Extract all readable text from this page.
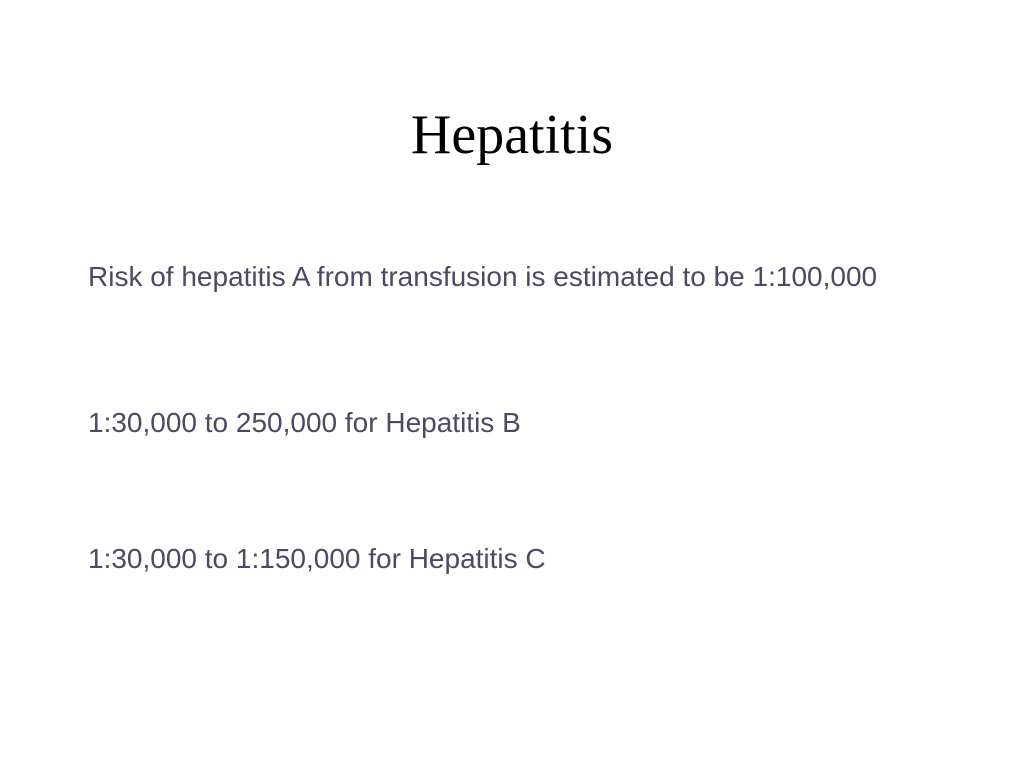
Hepatitis

Risk of hepatitis A from transfusion is estimated to be 1:100,000

1:30,000 to 250,000 for Hepatitis B

1:30,000 to 1:150,000 for Hepatitis C
